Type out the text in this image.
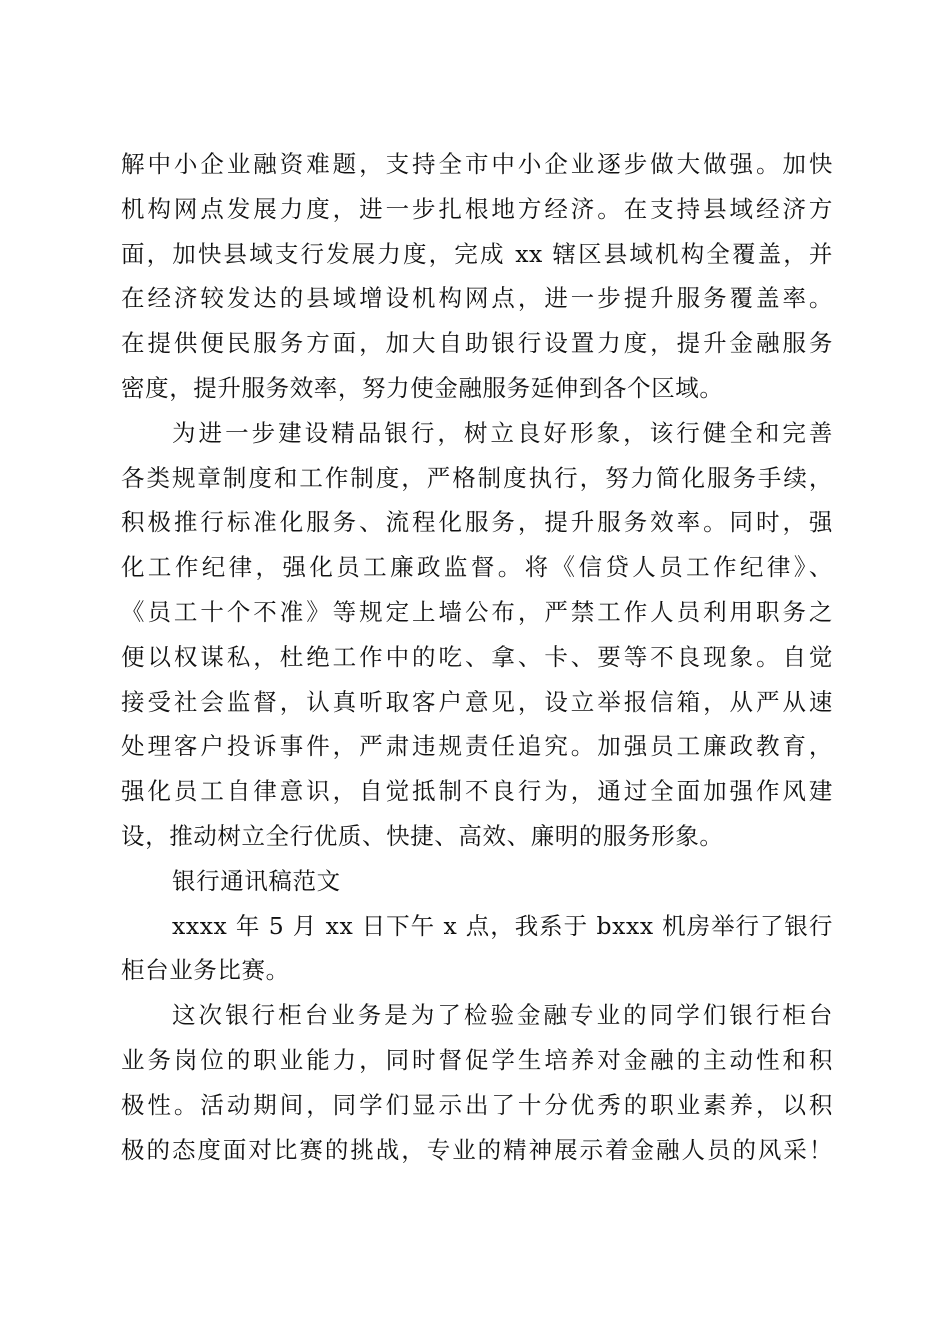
解中小企业融资难题，支持全市中小企业逐步做大做强。加快
机构网点发展力度，进一步扎根地方经济。在支持县域经济方
面，加快县域支行发展力度，完成 xx 辖区县域机构全覆盖，并
在经济较发达的县域增设机构网点，进一步提升服务覆盖率。
在提供便民服务方面，加大自助银行设置力度，提升金融服务
密度，提升服务效率，努力使金融服务延伸到各个区域。
为进一步建设精品银行，树立良好形象，该行健全和完善
各类规章制度和工作制度，严格制度执行，努力简化服务手续，
积极推行标准化服务、流程化服务，提升服务效率。同时，强
化工作纪律，强化员工廉政监督。将《信贷人员工作纪律》、
《员工十个不准》等规定上墙公布，严禁工作人员利用职务之
便以权谋私，杜绝工作中的吃、拿、卡、要等不良现象。自觉
接受社会监督，认真听取客户意见，设立举报信箱，从严从速
处理客户投诉事件，严肃违规责任追究。加强员工廉政教育，
强化员工自律意识，自觉抵制不良行为，通过全面加强作风建
设，推动树立全行优质、快捷、高效、廉明的服务形象。
银行通讯稿范文
xxxx 年 5 月 xx 日下午 x 点，我系于 bxxx 机房举行了银行
柜台业务比赛。
这次银行柜台业务是为了检验金融专业的同学们银行柜台
业务岗位的职业能力，同时督促学生培养对金融的主动性和积
极性。活动期间，同学们显示出了十分优秀的职业素养，以积
极的态度面对比赛的挑战，专业的精神展示着金融人员的风采！
